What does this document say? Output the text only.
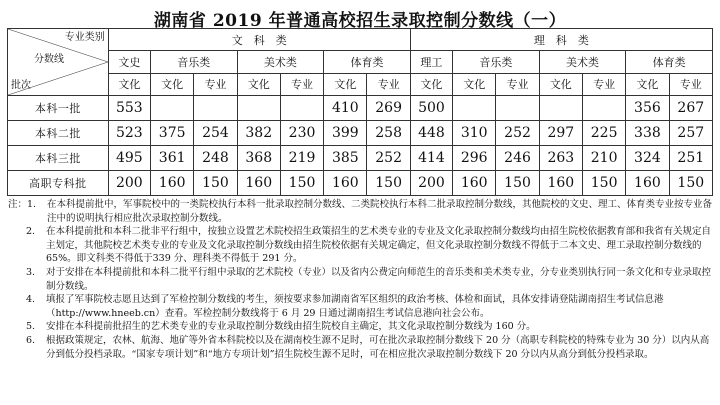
湖南省 2019 年普通高校招生录取控制分数线（一）
专业类别
分数线
批次	文　科　类							理　科　类						
	文史	音乐类		美术类		体育类		理工	音乐类		美术类		体育类	
	文化	文化	专业	文化	专业	文化	专业	文化	文化	专业	文化	专业	文化	专业
本科一批	553					410	269	500					356	267
本科二批	523	375	254	382	230	399	258	448	310	252	297	225	338	257
本科三批	495	361	248	368	219	385	252	414	296	246	263	210	324	251
高职专科批	200	160	150	160	150	160	150	200	160	150	160	150	160	150
注： 1.	在本科提前批中，军事院校中的一类院校执行本科一批录取控制分数线、二类院校执行本科二批录取控制分数线，其他院校的文史、理工、体育类专业按专业备注中的说明执行相应批次录取控制分数线。
2.	在本科提前批和本科二批非平行组中，按独立设置艺术院校招生政策招生的艺术类专业的专业及文化录取控制分数线均由招生院校依据教育部和我省有关规定自主划定，其他院校艺术类专业的专业及文化录取控制分数线由招生院校依据有关规定确定，但文化录取控制分数线不得低于二本文史、理工录取控制分数线的 65%。即文科类不得低于339 分、理科类不得低于 291 分。
3.	对于安排在本科提前批和本科二批平行组中录取的艺术院校（专业）以及省内公费定向师范生的音乐类和美术类专业，分专业类别执行同一条文化和专业录取控制分数线。
4.	填报了军事院校志愿且达到了军检控制分数线的考生，须按要求参加湖南省军区组织的政治考核、体检和面试，具体安排请登陆湖南招生考试信息港（http://www.hneeb.cn）查看。军检控制分数线将于 6 月 29 日通过湖南招生考试信息港向社会公布。
5.	安排在本科提前批招生的艺术类专业的专业录取控制分数线由招生院校自主确定，其文化录取控制分数线为 160 分。
6.	根据政策规定，农林、航海、地矿等外省本科院校以及在湖南校生源不足时，可在批次录取控制分数线下 20 分（高职专科院校的特殊专业为 30 分）以内从高分到低分投档录取。“国家专项计划”和“地方专项计划”招生院校生源不足时，可在相应批次录取控制分数线下 20 分以内从高分到低分投档录取。
